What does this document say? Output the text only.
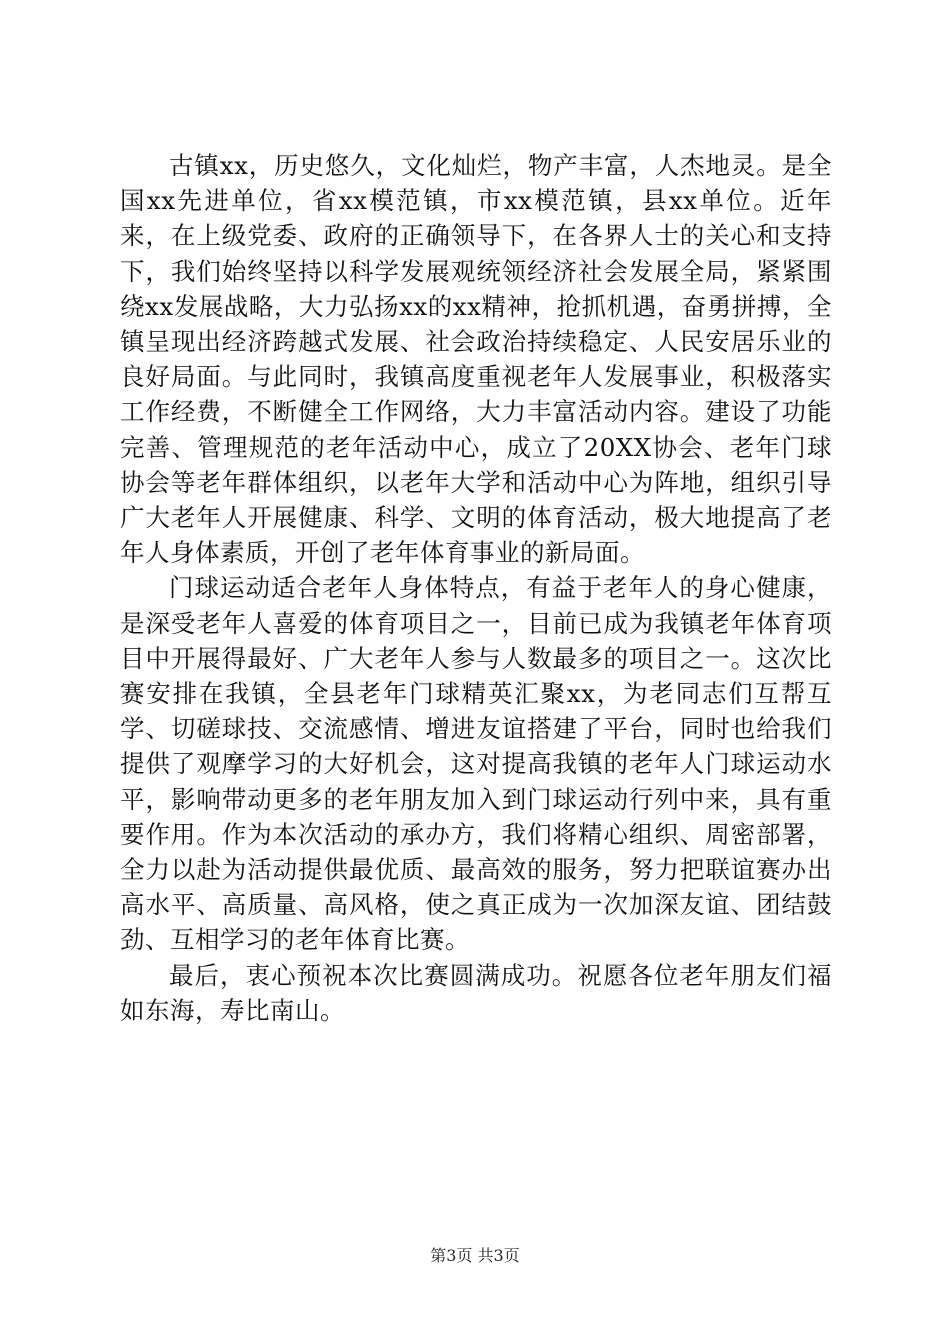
古镇xx，历史悠久，文化灿烂，物产丰富，人杰地灵。是全国xx先进单位，省xx模范镇，市xx模范镇，县xx单位。近年来，在上级党委、政府的正确领导下，在各界人士的关心和支持下，我们始终坚持以科学发展观统领经济社会发展全局，紧紧围绕xx发展战略，大力弘扬xx的xx精神，抢抓机遇，奋勇拼搏，全镇呈现出经济跨越式发展、社会政治持续稳定、人民安居乐业的良好局面。与此同时，我镇高度重视老年人发展事业，积极落实工作经费，不断健全工作网络，大力丰富活动内容。建设了功能完善、管理规范的老年活动中心，成立了20XX协会、老年门球协会等老年群体组织，以老年大学和活动中心为阵地，组织引导广大老年人开展健康、科学、文明的体育活动，极大地提高了老年人身体素质，开创了老年体育事业的新局面。

门球运动适合老年人身体特点，有益于老年人的身心健康，是深受老年人喜爱的体育项目之一，目前已成为我镇老年体育项目中开展得最好、广大老年人参与人数最多的项目之一。这次比赛安排在我镇，全县老年门球精英汇聚xx，为老同志们互帮互学、切磋球技、交流感情、增进友谊搭建了平台，同时也给我们提供了观摩学习的大好机会，这对提高我镇的老年人门球运动水平，影响带动更多的老年朋友加入到门球运动行列中来，具有重要作用。作为本次活动的承办方，我们将精心组织、周密部署，全力以赴为活动提供最优质、最高效的服务，努力把联谊赛办出高水平、高质量、高风格，使之真正成为一次加深友谊、团结鼓劲、互相学习的老年体育比赛。

最后，衷心预祝本次比赛圆满成功。祝愿各位老年朋友们福如东海，寿比南山。

第3页 共3页
